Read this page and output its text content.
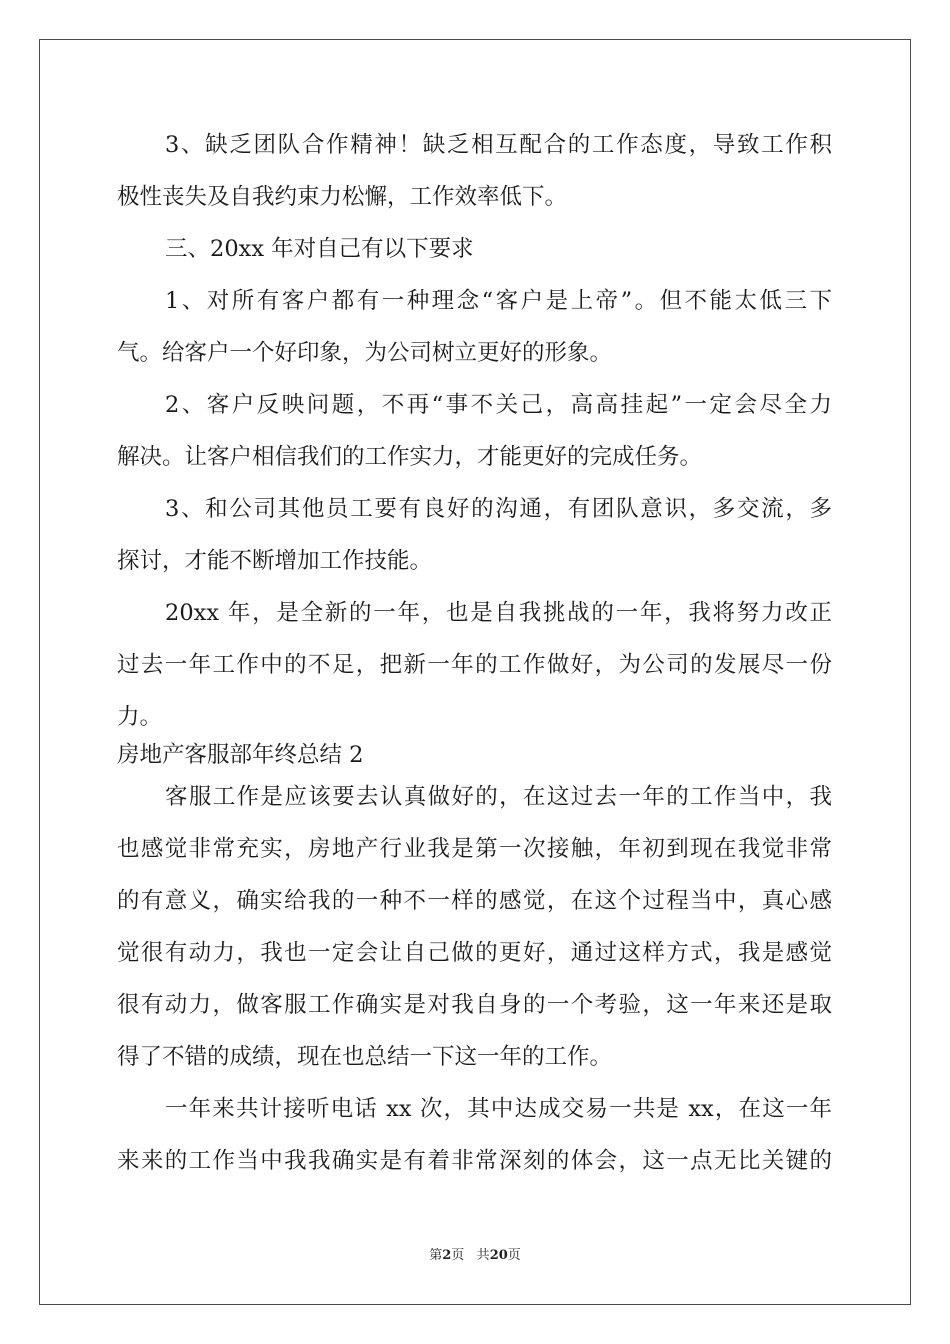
3、缺乏团队合作精神！缺乏相互配合的工作态度，导致工作积
极性丧失及自我约束力松懈，工作效率低下。
三、20xx 年对自己有以下要求
1、对所有客户都有一种理念“客户是上帝”。但不能太低三下
气。给客户一个好印象，为公司树立更好的形象。
2、客户反映问题，不再“事不关己，高高挂起”一定会尽全力
解决。让客户相信我们的工作实力，才能更好的完成任务。
3、和公司其他员工要有良好的沟通，有团队意识，多交流，多
探讨，才能不断增加工作技能。
20xx 年，是全新的一年，也是自我挑战的一年，我将努力改正
过去一年工作中的不足，把新一年的工作做好，为公司的发展尽一份
力。
房地产客服部年终总结 2
客服工作是应该要去认真做好的，在这过去一年的工作当中，我
也感觉非常充实，房地产行业我是第一次接触，年初到现在我觉非常
的有意义，确实给我的一种不一样的感觉，在这个过程当中，真心感
觉很有动力，我也一定会让自己做的更好，通过这样方式，我是感觉
很有动力，做客服工作确实是对我自身的一个考验，这一年来还是取
得了不错的成绩，现在也总结一下这一年的工作。
一年来共计接听电话 xx 次，其中达成交易一共是 xx，在这一年
来来的工作当中我我确实是有着非常深刻的体会，这一点无比关键的
第2页 共20页
